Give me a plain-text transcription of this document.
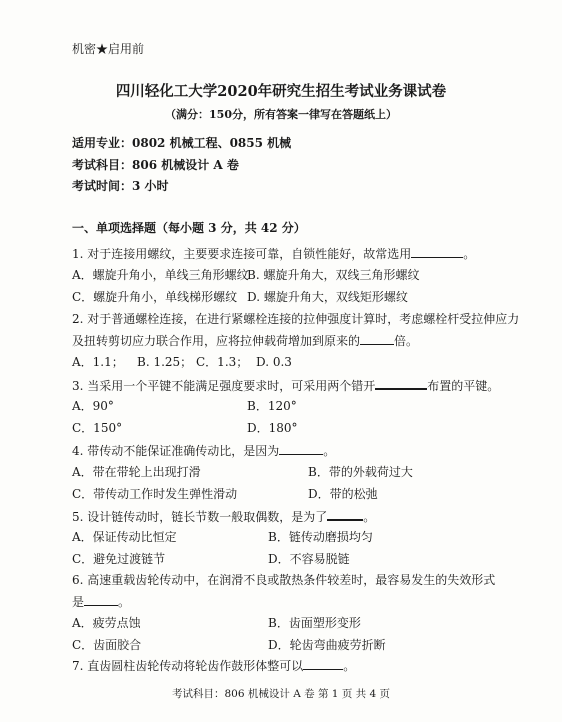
机密★启用前
四川轻化工大学2020年研究生招生考试业务课试卷
（满分：150分，所有答案一律写在答题纸上）
适用专业：0802 机械工程、0855 机械
考试科目：806 机械设计 A 卷
考试时间：3 小时
一、单项选择题（每小题 3 分，共 42 分）
1. 对于连接用螺纹，主要要求连接可靠，自锁性能好，故常选用	。
A．螺旋升角小，单线三角形螺纹
B. 螺旋升角大，双线三角形螺纹
C．螺旋升角小，单线梯形螺纹 D. 螺旋升角大，双线矩形螺纹
2. 对于普通螺栓连接，在进行紧螺栓连接的拉伸强度计算时，考虑螺栓杆受拉伸应力
及扭转剪切应力联合作用，应将拉伸载荷增加到原来的	倍。
A．1.1； B. 1.25； C．1.3； D. 0.3
3. 当采用一个平键不能满足强度要求时，可采用两个错开	布置的平键。
A．90°	B．120°
C．150°	D．180°
4. 带传动不能保证准确传动比，是因为	。
A．带在带轮上出现打滑	B．带的外载荷过大
C．带传动工作时发生弹性滑动	D．带的松弛
5. 设计链传动时，链长节数一般取偶数，是为了	。
A．保证传动比恒定	B．链传动磨损均匀
C．避免过渡链节	D．不容易脱链
6. 高速重载齿轮传动中，在润滑不良或散热条件较差时，最容易发生的失效形式
是	。
A．疲劳点蚀	B．齿面塑形变形
C．齿面胶合	D．轮齿弯曲疲劳折断
7. 直齿圆柱齿轮传动将轮齿作鼓形体整可以	。
考试科目：806 机械设计 A 卷 第 1 页 共 4 页
